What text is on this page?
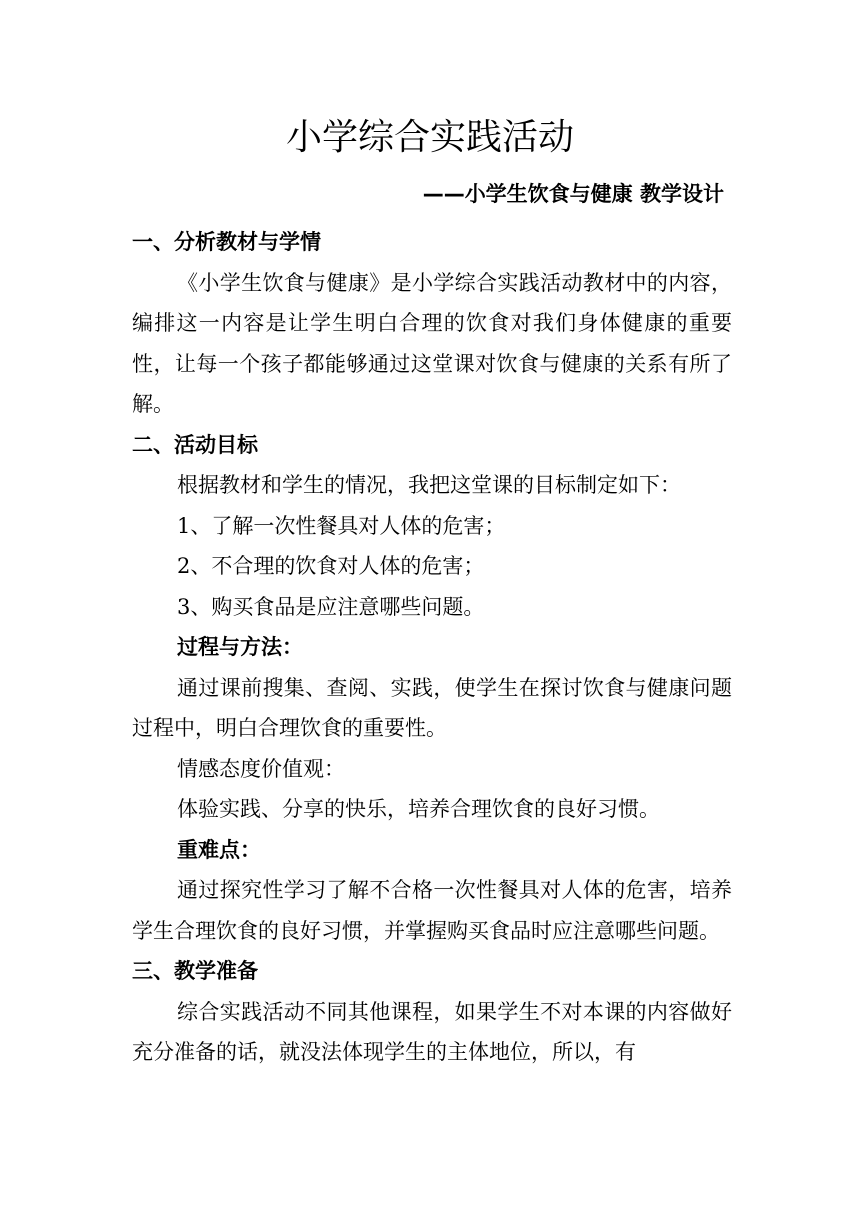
小学综合实践活动
——小学生饮食与健康 教学设计

一、分析教材与学情

《小学生饮食与健康》是小学综合实践活动教材中的内容，编排这一内容是让学生明白合理的饮食对我们身体健康的重要性，让每一个孩子都能够通过这堂课对饮食与健康的关系有所了解。

二、活动目标

根据教材和学生的情况，我把这堂课的目标制定如下：

1、了解一次性餐具对人体的危害；

2、不合理的饮食对人体的危害；

3、购买食品是应注意哪些问题。

过程与方法：

通过课前搜集、查阅、实践，使学生在探讨饮食与健康问题过程中，明白合理饮食的重要性。

情感态度价值观：

体验实践、分享的快乐，培养合理饮食的良好习惯。

重难点：

通过探究性学习了解不合格一次性餐具对人体的危害，培养学生合理饮食的良好习惯，并掌握购买食品时应注意哪些问题。

三、教学准备

综合实践活动不同其他课程，如果学生不对本课的内容做好充分准备的话，就没法体现学生的主体地位，所以，有
